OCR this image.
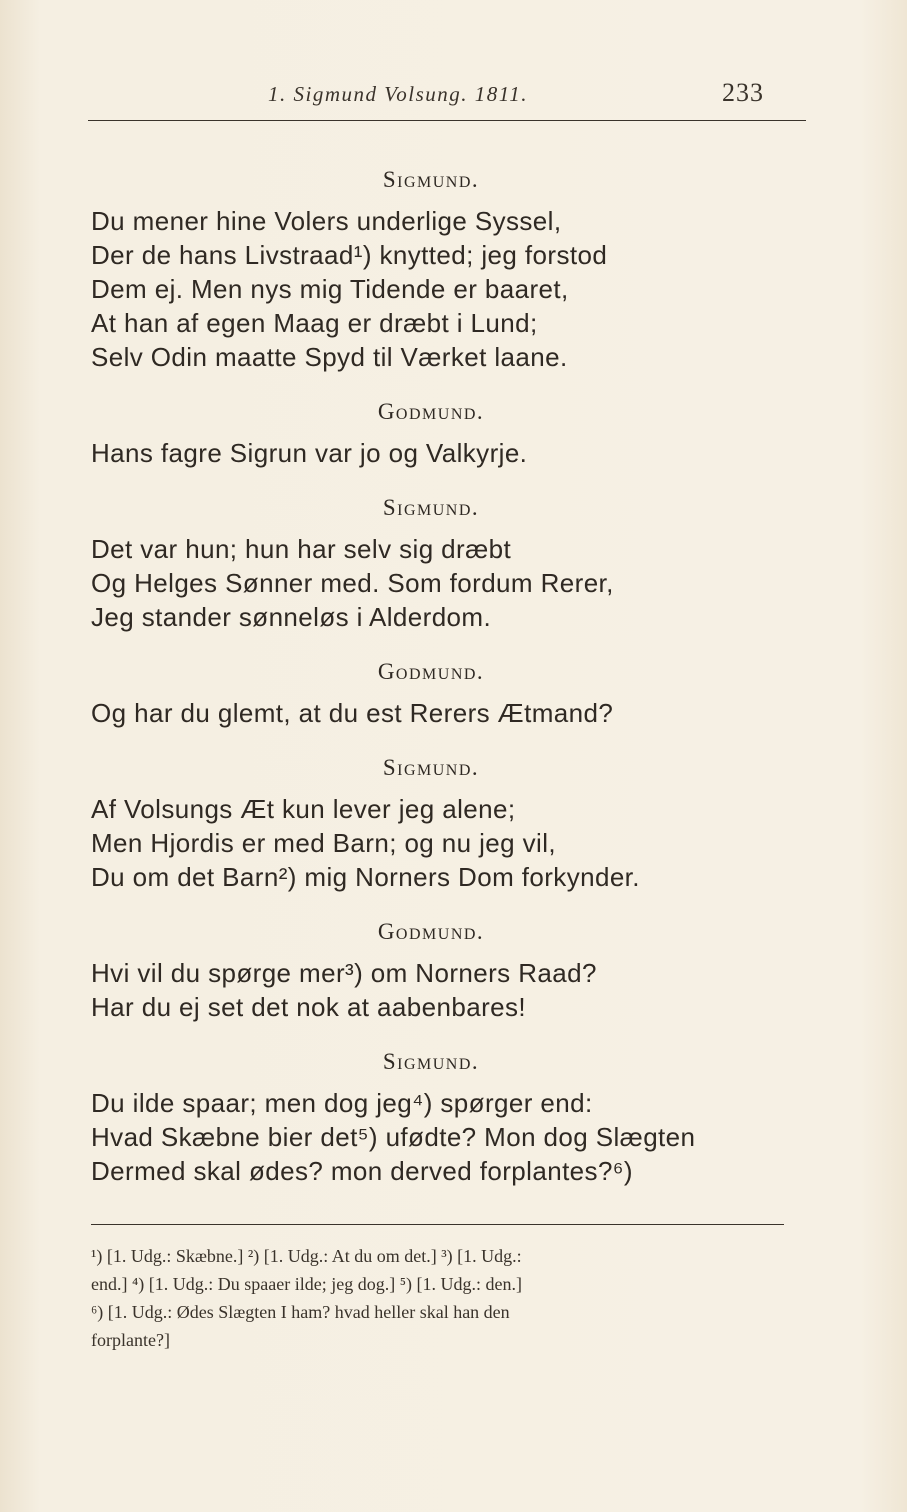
1. Sigmund Volsung. 1811.	233
Sigmund.
Du mener hine Volers underlige Syssel,
Der de hans Livstraad¹) knytted; jeg forstod
Dem ej. Men nys mig Tidende er baaret,
At han af egen Maag er dræbt i Lund;
Selv Odin maatte Spyd til Værket laane.
Godmund.
Hans fagre Sigrun var jo og Valkyrje.
Sigmund.
Det var hun; hun har selv sig dræbt
Og Helges Sønner med. Som fordum Rerer,
Jeg stander sønneløs i Alderdom.
Godmund.
Og har du glemt, at du est Rerers Ætmand?
Sigmund.
Af Volsungs Æt kun lever jeg alene;
Men Hjordis er med Barn; og nu jeg vil,
Du om det Barn²) mig Norners Dom forkynder.
Godmund.
Hvi vil du spørge mer³) om Norners Raad?
Har du ej set det nok at aabenbares!
Sigmund.
Du ilde spaar; men dog jeg⁴) spørger end:
Hvad Skæbne bier det⁵) ufødte? Mon dog Slægten
Dermed skal ødes? mon derved forplantes?⁶)
¹) [1. Udg.: Skæbne.] ²) [1. Udg.: At du om det.] ³) [1. Udg.:
end.] ⁴) [1. Udg.: Du spaaer ilde; jeg dog.] ⁵) [1. Udg.: den.]
⁶) [1. Udg.: Ødes Slægten I ham? hvad heller skal han den
forplante?]
